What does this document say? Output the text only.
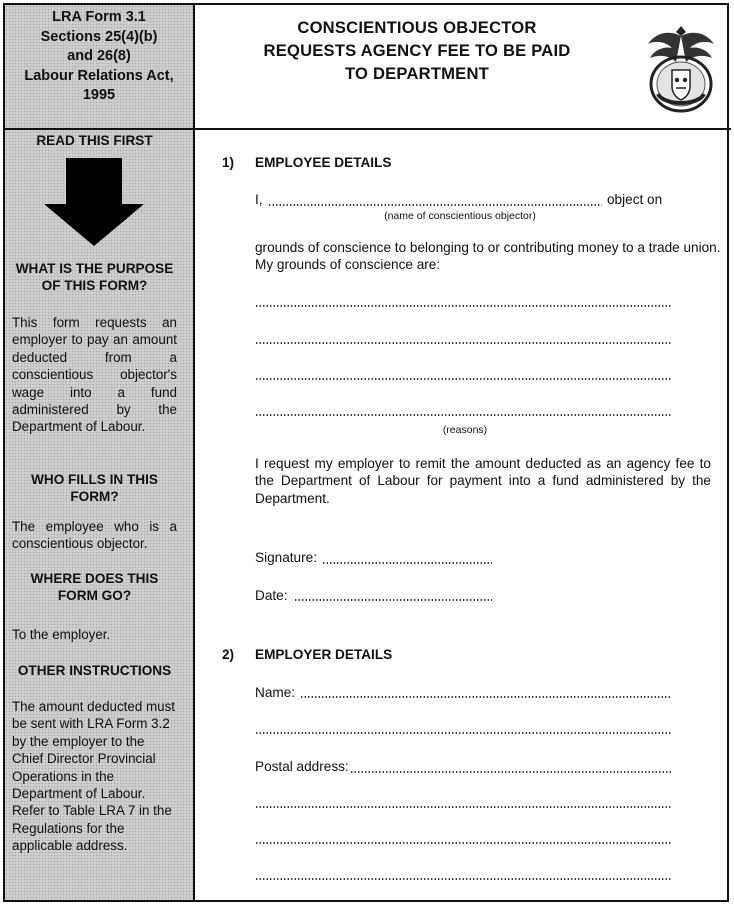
LRA Form 3.1
Sections 25(4)(b)
and 26(8)
Labour Relations Act,
1995
CONSCIENTIOUS OBJECTOR
REQUESTS AGENCY FEE TO BE PAID
TO DEPARTMENT
READ THIS FIRST
WHAT IS THE PURPOSE OF THIS FORM?
This form requests an employer to pay an amount deducted from a conscientious objector's wage into a fund administered by the Department of Labour.
WHO FILLS IN THIS FORM?
The employee who is a conscientious objector.
WHERE DOES THIS FORM GO?
To the employer.
OTHER INSTRUCTIONS
The amount deducted must be sent with LRA Form 3.2 by the employer to the Chief Director Provincial Operations in the Department of Labour. Refer to Table LRA 7 in the Regulations for the applicable address.
1) EMPLOYEE DETAILS
I,	object on
(name of conscientious objector)
grounds of conscience to belonging to or contributing money to a trade union.
My grounds of conscience are:
(reasons)
I request my employer to remit the amount deducted as an agency fee to the Department of Labour for payment into a fund administered by the Department.
Signature:
Date:
2) EMPLOYER DETAILS
Name:
Postal address:
